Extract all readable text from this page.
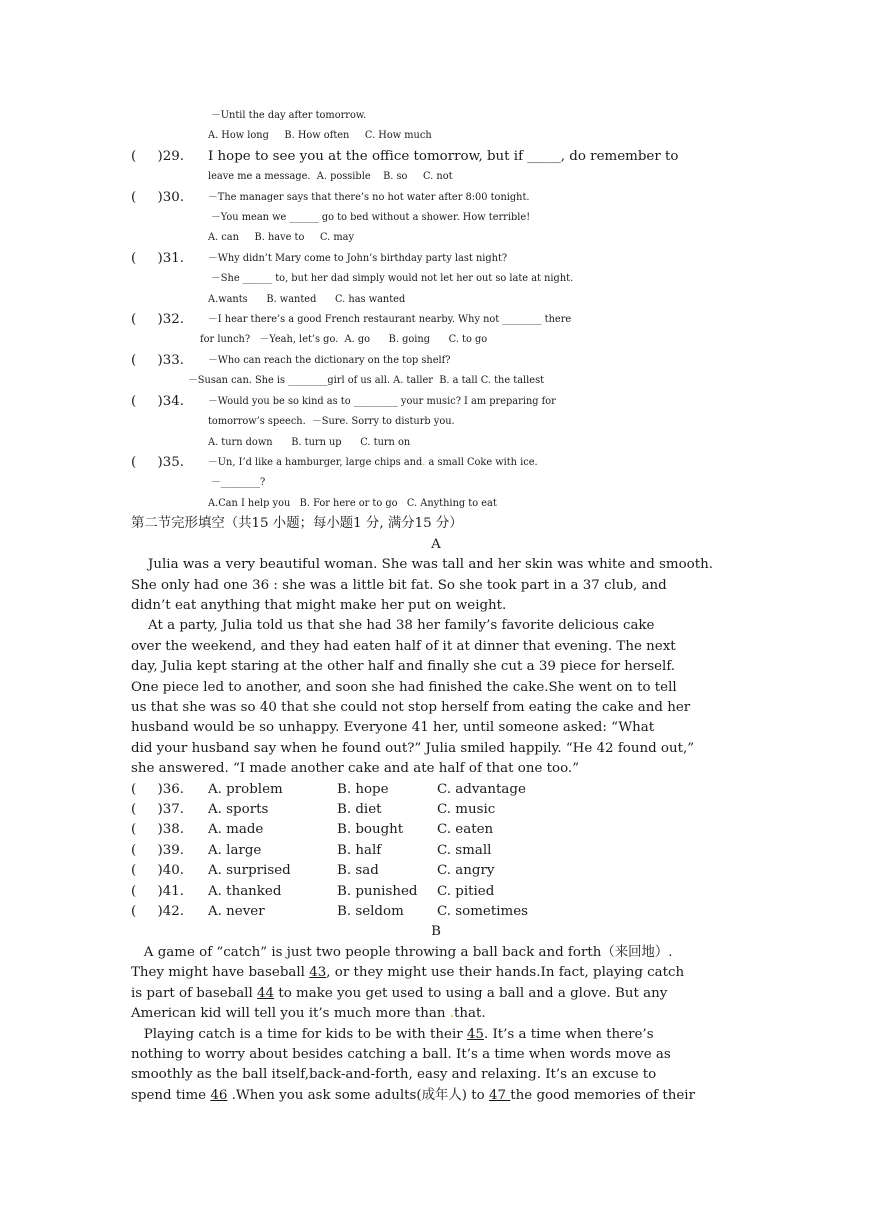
－Until the day after tomorrow.
A. How long     B. How often     C. How much
(     )29.	I hope to see you at the office tomorrow, but if _____, do remember to
leave me a message.  A. possible    B. so     C. not
(     )30.	－The manager says that there’s no hot water after 8:00 tonight.
－You mean we ______ go to bed without a shower. How terrible!
A. can     B. have to     C. may
(     )31.	－Why didn’t Mary come to John’s birthday party last night?
－She ______ to, but her dad simply would not let her out so late at night.
A.wants      B. wanted      C. has wanted
(     )32.	－I hear there’s a good French restaurant nearby. Why not ________ there
for lunch?   －Yeah, let’s go.  A. go      B. going      C. to go
(     )33.	－Who can reach the dictionary on the top shelf?
－Susan can. She is ________girl of us all. A. taller  B. a tall C. the tallest
(     )34.	－Would you be so kind as to _________ your music? I am preparing for
tomorrow’s speech.  －Sure. Sorry to disturb you.
A. turn down      B. turn up      C. turn on
(     )35.	－Un, I’d like a hamburger, large chips and. a small Coke with ice.
－________?
A.Can I help you   B. For here or to go   C. Anything to eat
第二节完形填空（共15 小题；每小题1 分, 满分15 分）
A
Julia was a very beautiful woman. She was tall and her skin was white and smooth.
She only had one 36 : she was a little bit fat. So she took part in a 37 club, and
didn’t eat anything that might make her put on weight.
At a party, Julia told us that she had 38 her family’s favorite delicious cake
over the weekend, and they had eaten half of it at dinner that evening. The next
day, Julia kept staring at the other half and finally she cut a 39 piece for herself.
One piece led to another, and soon she had finished the cake.She went on to tell
us that she was so 40 that she could not stop herself from eating the cake and her
husband would be so unhappy. Everyone 41 her, until someone asked: “What
did your husband say when he found out?” Julia smiled happily. “He 42 found out,”
she answered. “I made another cake and ate half of that one too.”

(     )36.

A. problem

	B. hope

	C. advantage

(     )37.

A. sports

	B. diet

	C. music

(     )38.

A. made

	B. bought

	C. eaten

(     )39.

A. large

	B. half

	C. small

(     )40.

A. surprised

	B. sad

	C. angry

(     )41.

A. thanked

	B. punished

C. pitied

(     )42.

A. never

	B. seldom

C. sometimes

B
A game of “catch” is just two people throwing a ball back and forth（来回地）.
They might have baseball 43, or they might use their hands.In fact, playing catch
is part of baseball 44 to make you get used to using a ball and a glove. But any
American kid will tell you it’s much more than .that.
Playing catch is a time for kids to be with their 45. It’s a time when there’s
nothing to worry about besides catching a ball. It’s a time when words move as
smoothly as the ball itself,back-and-forth, easy and relaxing. It’s an excuse to
spend time 46 .When you ask some adults(成年人) to 47 the good memories of their
